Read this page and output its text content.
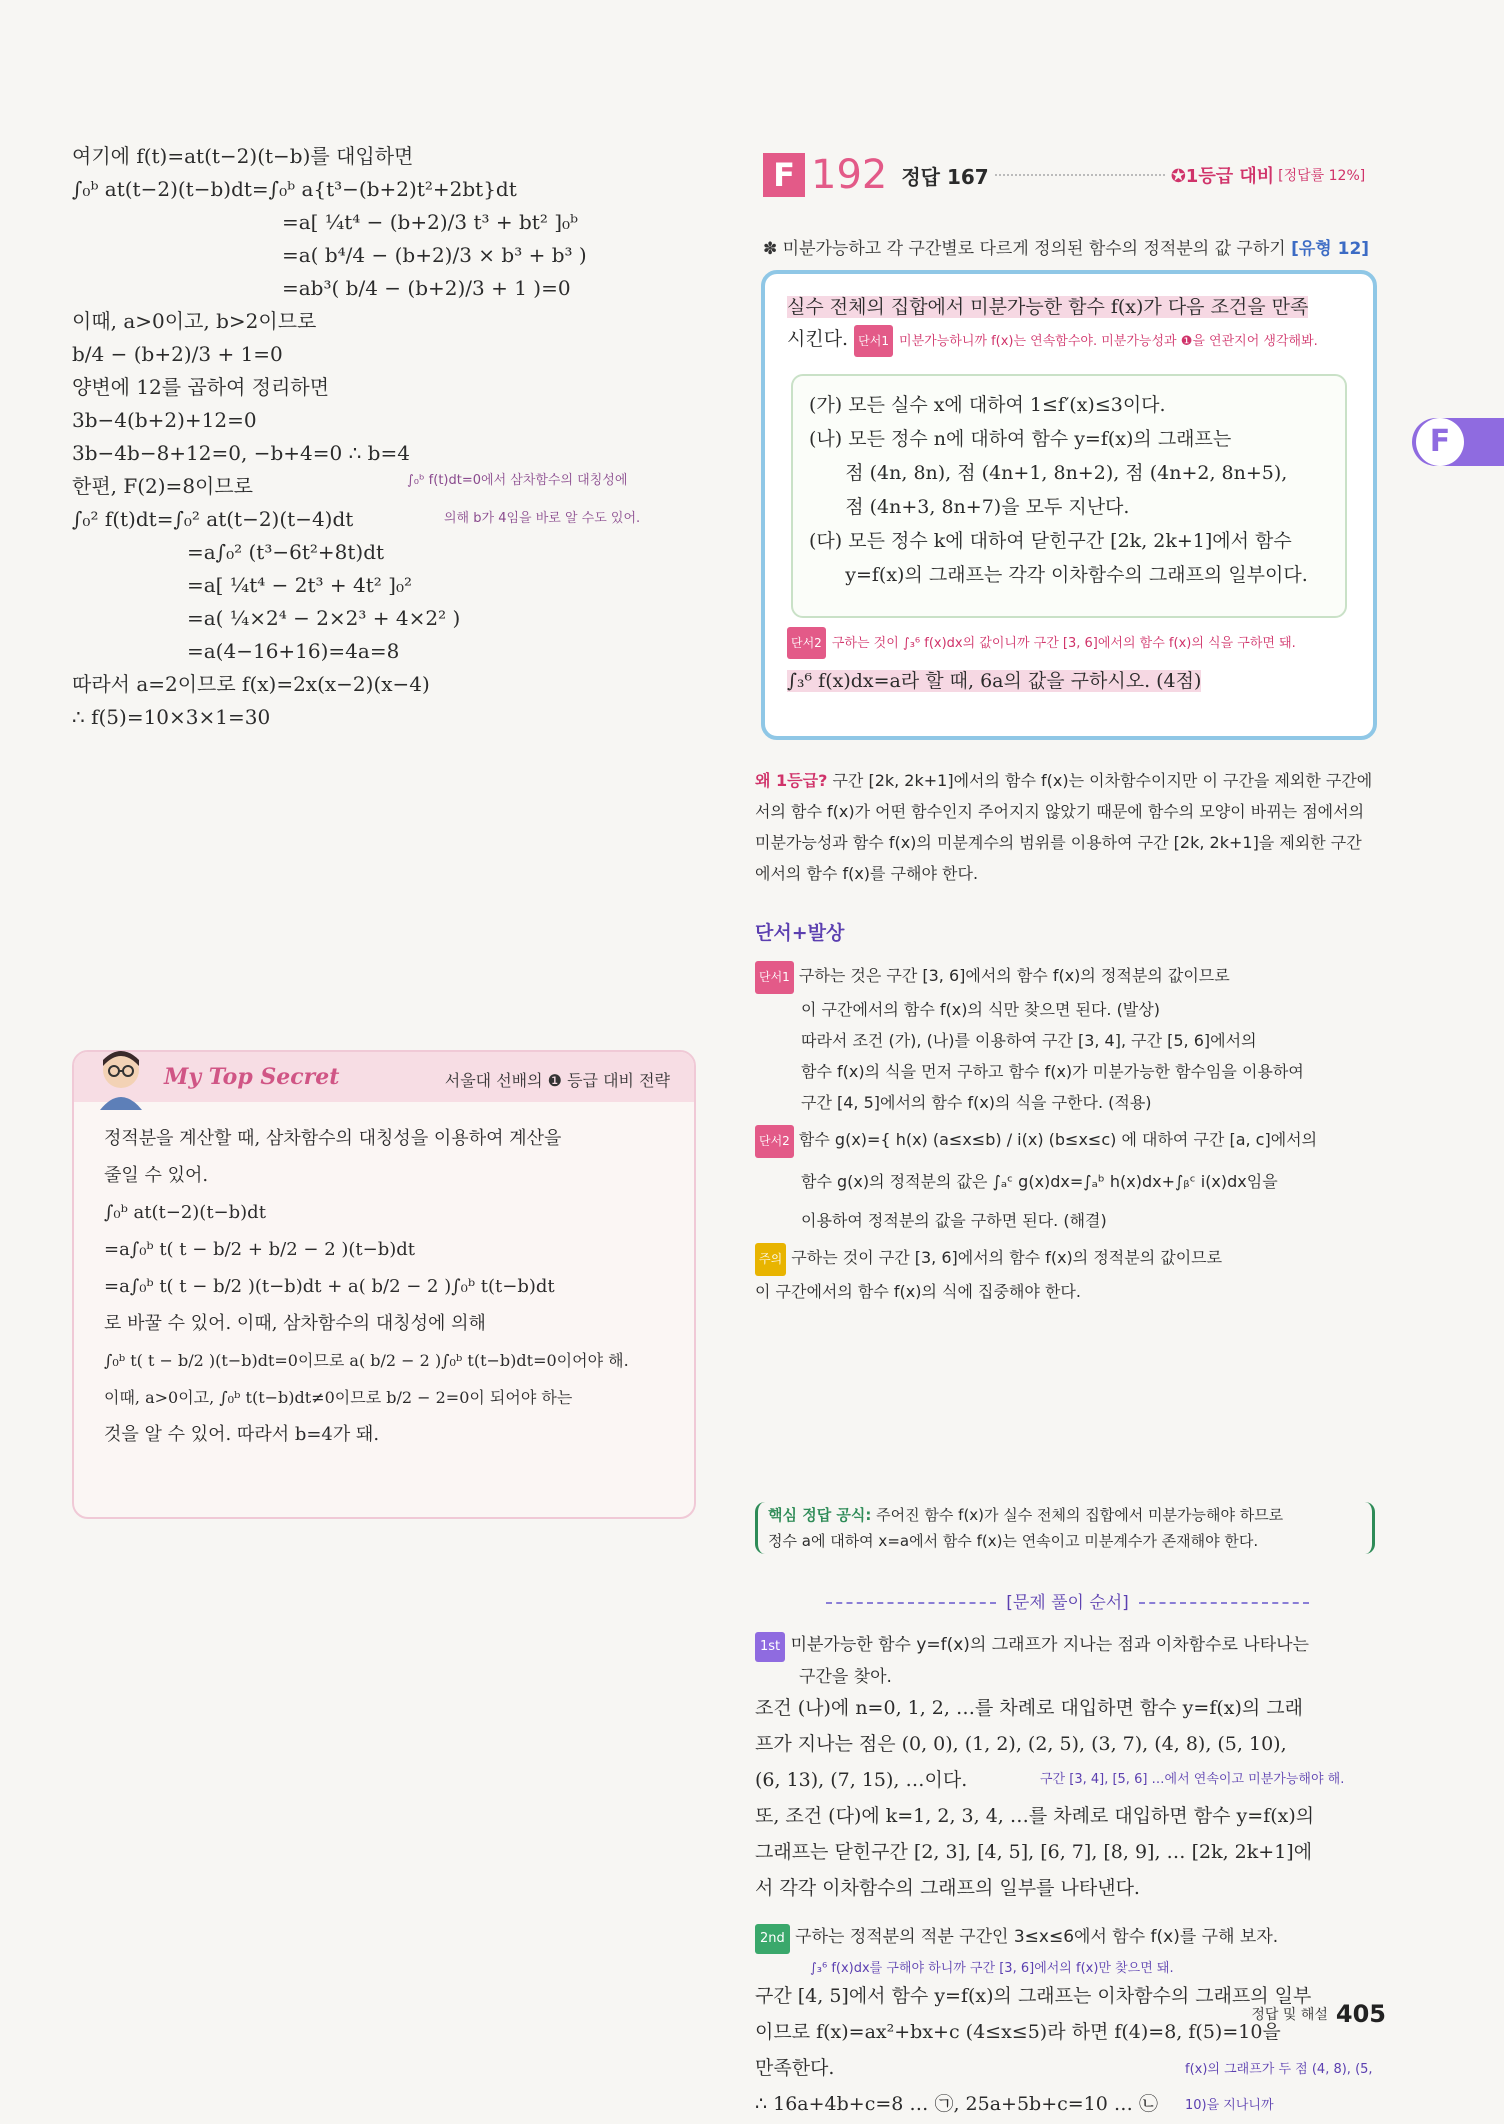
여기에 f(t)=at(t−2)(t−b)를 대입하면
∫₀ᵇ at(t−2)(t−b)dt=∫₀ᵇ a{t³−(b+2)t²+2bt}dt
=a[ ¼t⁴ − (b+2)/3 t³ + bt² ]₀ᵇ
=a( b⁴/4 − (b+2)/3 × b³ + b³ )
=ab³( b/4 − (b+2)/3 + 1 )=0
이때, a>0이고, b>2이므로
b/4 − (b+2)/3 + 1=0
양변에 12를 곱하여 정리하면
3b−4(b+2)+12=0
3b−4b−8+12=0, −b+4=0 ∴ b=4
한편, F(2)=8이므로
∫₀² f(t)dt=∫₀² at(t−2)(t−4)dt
∫₀ᵇ f(t)dt=0에서 삼차함수의 대칭성에
의해 b가 4임을 바로 알 수도 있어.
=a∫₀² (t³−6t²+8t)dt
=a[ ¼t⁴ − 2t³ + 4t² ]₀²
=a( ¼×2⁴ − 2×2³ + 4×2² )
=a(4−16+16)=4a=8
따라서 a=2이므로 f(x)=2x(x−2)(x−4)
∴ f(5)=10×3×1=30
My Top Secret	서울대 선배의 ❶ 등급 대비 전략
정적분을 계산할 때, 삼차함수의 대칭성을 이용하여 계산을
줄일 수 있어.
∫₀ᵇ at(t−2)(t−b)dt
=a∫₀ᵇ t( t − b/2 + b/2 − 2 )(t−b)dt
=a∫₀ᵇ t( t − b/2 )(t−b)dt + a( b/2 − 2 )∫₀ᵇ t(t−b)dt
로 바꿀 수 있어. 이때, 삼차함수의 대칭성에 의해
∫₀ᵇ t( t − b/2 )(t−b)dt=0이므로 a( b/2 − 2 )∫₀ᵇ t(t−b)dt=0이어야 해.
이때, a>0이고, ∫₀ᵇ t(t−b)dt≠0이므로 b/2 − 2=0이 되어야 하는
것을 알 수 있어. 따라서 b=4가 돼.
F 192 정답 167	✪1등급 대비 [정답률 12%]
✽ 미분가능하고 각 구간별로 다르게 정의된 함수의 정적분의 값 구하기 [유형 12]
실수 전체의 집합에서 미분가능한 함수 f(x)가 다음 조건을 만족
시킨다. 단서1 미분가능하니까 f(x)는 연속함수야. 미분가능성과 ❶을 연관지어 생각해봐.
(가) 모든 실수 x에 대하여 1≤f′(x)≤3이다.
(나) 모든 정수 n에 대하여 함수 y=f(x)의 그래프는
점 (4n, 8n), 점 (4n+1, 8n+2), 점 (4n+2, 8n+5),
점 (4n+3, 8n+7)을 모두 지난다.
(다) 모든 정수 k에 대하여 닫힌구간 [2k, 2k+1]에서 함수
y=f(x)의 그래프는 각각 이차함수의 그래프의 일부이다.
단서2 구하는 것이 ∫₃⁶ f(x)dx의 값이니까 구간 [3, 6]에서의 함수 f(x)의 식을 구하면 돼.
∫₃⁶ f(x)dx=a라 할 때, 6a의 값을 구하시오. (4점)
왜 1등급? 구간 [2k, 2k+1]에서의 함수 f(x)는 이차함수이지만 이 구간을 제외한 구간에서의 함수 f(x)가 어떤 함수인지 주어지지 않았기 때문에 함수의 모양이 바뀌는 점에서의 미분가능성과 함수 f(x)의 미분계수의 범위를 이용하여 구간 [2k, 2k+1]을 제외한 구간에서의 함수 f(x)를 구해야 한다.
단서+발상
단서1 구하는 것은 구간 [3, 6]에서의 함수 f(x)의 정적분의 값이므로
이 구간에서의 함수 f(x)의 식만 찾으면 된다. (발상)
따라서 조건 (가), (나)를 이용하여 구간 [3, 4], 구간 [5, 6]에서의
함수 f(x)의 식을 먼저 구하고 함수 f(x)가 미분가능한 함수임을 이용하여
구간 [4, 5]에서의 함수 f(x)의 식을 구한다. (적용)
단서2 함수 g(x)={ h(x) (a≤x≤b) / i(x) (b≤x≤c) 에 대하여 구간 [a, c]에서의
함수 g(x)의 정적분의 값은 ∫ₐᶜ g(x)dx=∫ₐᵇ h(x)dx+∫ᵦᶜ i(x)dx임을
이용하여 정적분의 값을 구하면 된다. (해결)
주의 구하는 것이 구간 [3, 6]에서의 함수 f(x)의 정적분의 값이므로
이 구간에서의 함수 f(x)의 식에 집중해야 한다.
핵심 정답 공식: 주어진 함수 f(x)가 실수 전체의 집합에서 미분가능해야 하므로
정수 a에 대하여 x=a에서 함수 f(x)는 연속이고 미분계수가 존재해야 한다.
[문제 풀이 순서]
1st 미분가능한 함수 y=f(x)의 그래프가 지나는 점과 이차함수로 나타나는
구간을 찾아.
조건 (나)에 n=0, 1, 2, …를 차례로 대입하면 함수 y=f(x)의 그래
프가 지나는 점은 (0, 0), (1, 2), (2, 5), (3, 7), (4, 8), (5, 10),
(6, 13), (7, 15), …이다.	구간 [3, 4], [5, 6] …에서 연속이고 미분가능해야 해.
또, 조건 (다)에 k=1, 2, 3, 4, …를 차례로 대입하면 함수 y=f(x)의
그래프는 닫힌구간 [2, 3], [4, 5], [6, 7], [8, 9], … [2k, 2k+1]에
서 각각 이차함수의 그래프의 일부를 나타낸다.
2nd 구하는 정적분의 적분 구간인 3≤x≤6에서 함수 f(x)를 구해 보자.
∫₃⁶ f(x)dx를 구해야 하니까 구간 [3, 6]에서의 f(x)만 찾으면 돼.
구간 [4, 5]에서 함수 y=f(x)의 그래프는 이차함수의 그래프의 일부
이므로 f(x)=ax²+bx+c (4≤x≤5)라 하면 f(4)=8, f(5)=10을
만족한다.	f(x)의 그래프가 두 점 (4, 8), (5, 10)을 지나니까
∴ 16a+4b+c=8 … ㉠, 25a+5b+c=10 … ㉡
F
정답 및 해설 405
